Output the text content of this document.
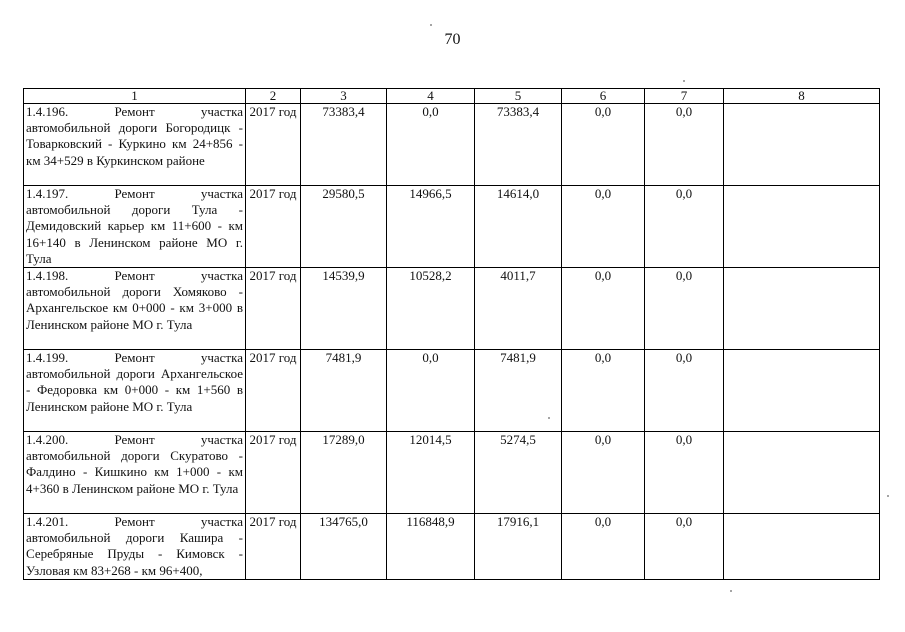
70
1	2	3	4	5	6	7	8
1.4.196. Ремонт участка автомобильной дороги Богородицк - Товарковский - Куркино км 24+856 - км 34+529 в Куркинском районе	2017 год	73383,4	0,0	73383,4	0,0	0,0	
1.4.197. Ремонт участка автомобильной дороги Тула - Демидовский карьер км 11+600 - км 16+140 в Ленинском районе МО г. Тула	2017 год	29580,5	14966,5	14614,0	0,0	0,0	
1.4.198. Ремонт участка автомобильной дороги Хомяково - Архангельское км 0+000 - км 3+000 в Ленинском районе МО г. Тула	2017 год	14539,9	10528,2	4011,7	0,0	0,0	
1.4.199. Ремонт участка автомобильной дороги Архангельское - Федоровка км 0+000 - км 1+560 в Ленинском районе МО г. Тула	2017 год	7481,9	0,0	7481,9	0,0	0,0	
1.4.200. Ремонт участка автомобильной дороги Скуратово - Фалдино - Кишкино км 1+000 - км 4+360 в Ленинском районе МО г. Тула	2017 год	17289,0	12014,5	5274,5	0,0	0,0	
1.4.201. Ремонт участка автомобильной дороги Кашира - Серебряные Пруды - Кимовск - Узловая км 83+268 - км 96+400,	2017 год	134765,0	116848,9	17916,1	0,0	0,0	
